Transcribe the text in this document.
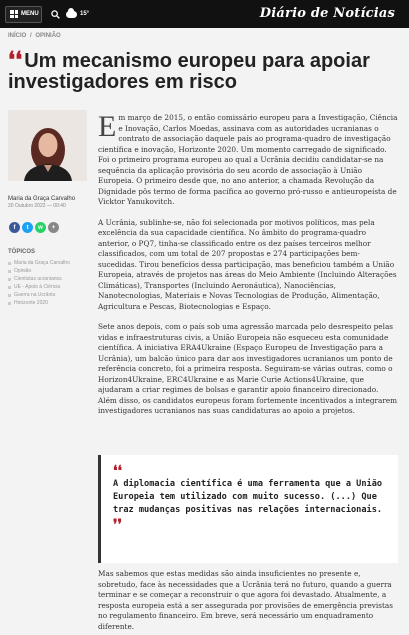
MENU	15°	Diário de Notícias
INÍCIO / OPINIÃO
❛❛ Um mecanismo europeu para apoiar investigadores em risco
Maria da Graça Carvalho
20 Outubro 2022 — 00:40
f	t	w	+
TÓPICOS
Maria da Graça Carvalho
Opinião
Cientistas ucranianos
UE - Apoio à Ciência
Guerra na Ucrânia
Horizonte 2020

Em março de 2015, o então comissário europeu para a Investigação, Ciência e Inovação, Carlos Moedas, assinava com as autoridades ucranianas o contrato de associação daquele país ao programa-quadro de investigação científica e inovação, Horizonte 2020. Um momento carregado de significado. Foi o primeiro programa europeu ao qual a Ucrânia decidiu candidatar-se na sequência da aplicação provisória do seu acordo de associação à União Europeia. O primeiro desde que, no ano anterior, a chamada Revolução da Dignidade pôs termo de forma pacífica ao governo pró-russo e antieuropeísta de Vicktor Yanukovitch.

A Ucrânia, sublinhe-se, não foi selecionada por motivos políticos, mas pela excelência da sua capacidade científica. No âmbito do programa-quadro anterior, o PQ7, tinha-se classificado entre os dez países terceiros melhor classificados, com um total de 207 propostas e 274 participações bem-sucedidas. Tirou benefícios dessa participação, mas beneficiou também a União Europeia, através de projetos nas áreas do Meio Ambiente (Incluindo Alterações Climáticas), Transportes (Incluindo Aeronáutica), Nanociências, Nanotecnologias, Materiais e Novas Tecnologias de Produção, Alimentação, Agricultura e Pescas, Biotecnologias e Espaço.

Sete anos depois, com o país sob uma agressão marcada pelo desrespeito pelas vidas e infraestruturas civis, a União Europeia não esqueceu esta comunidade científica. A iniciativa ERA4Ukraine (Espaço Europeu de Investigação para a Ucrânia), um balcão único para dar aos investigadores ucranianos um ponto de referência concreto, foi a primeira resposta. Seguiram-se várias outras, como o Horizon4Ukraine, ERC4Ukraine e as Marie Curie Actions4Ukraine, que ajudaram a criar regimes de bolsas e garantir apoio financeiro direcionado. Além disso, os candidatos europeus foram fortemente incentivados a integrarem investigadores ucranianos nas suas candidaturas ao apoio a projetos.

❛❛
A diplomacia científica é uma ferramenta que a União Europeia tem utilizado com muito sucesso. (...) Que traz mudanças positivas nas relações internacionais.
❜❜
Mas sabemos que estas medidas são ainda insuficientes no presente e, sobretudo, face às necessidades que a Ucrânia terá no futuro, quando a guerra terminar e se começar a reconstruir o que agora foi devastado. Atualmente, a resposta europeia está a ser assegurada por provisões de emergência previstas no regulamento financeiro. Em breve, será necessário um enquadramento diferente.
